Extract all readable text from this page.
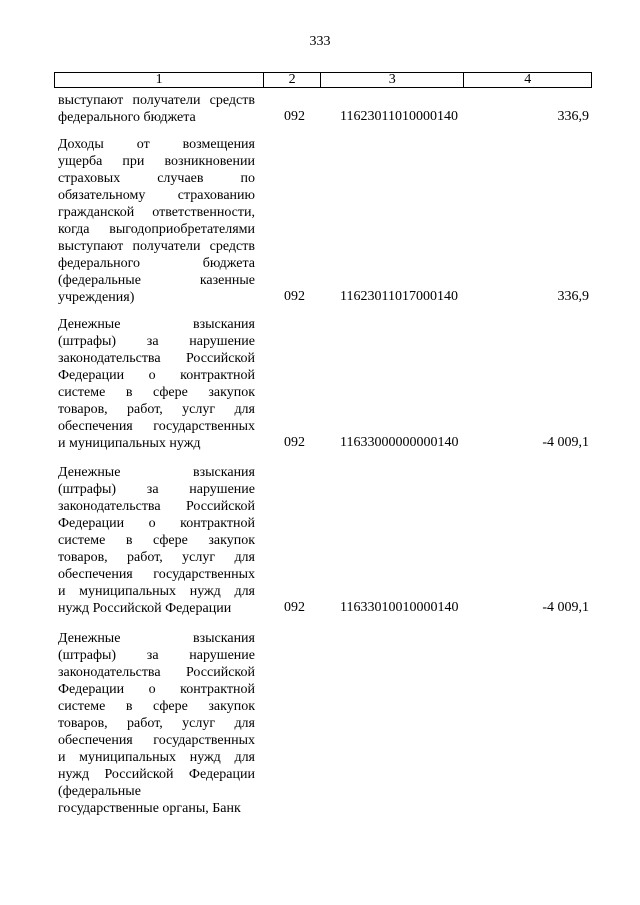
333
1	2	3	4
выступают получатели средств
федерального бюджета	092	11623011010000140	336,9
Доходы от возмещения
ущерба при возникновении
страховых случаев по
обязательному страхованию
гражданской ответственности,
когда выгодоприобретателями
выступают получатели средств
федерального бюджета
(федеральные казенные
учреждения)	092	11623011017000140	336,9
Денежные взыскания
(штрафы) за нарушение
законодательства Российской
Федерации о контрактной
системе в сфере закупок
товаров, работ, услуг для
обеспечения государственных
и муниципальных нужд	092	11633000000000140	-4 009,1
Денежные взыскания
(штрафы) за нарушение
законодательства Российской
Федерации о контрактной
системе в сфере закупок
товаров, работ, услуг для
обеспечения государственных
и муниципальных нужд для
нужд Российской Федерации	092	11633010010000140	-4 009,1
Денежные взыскания
(штрафы) за нарушение
законодательства Российской
Федерации о контрактной
системе в сфере закупок
товаров, работ, услуг для
обеспечения государственных
и муниципальных нужд для
нужд Российской Федерации
(федеральные
государственные органы, Банк
